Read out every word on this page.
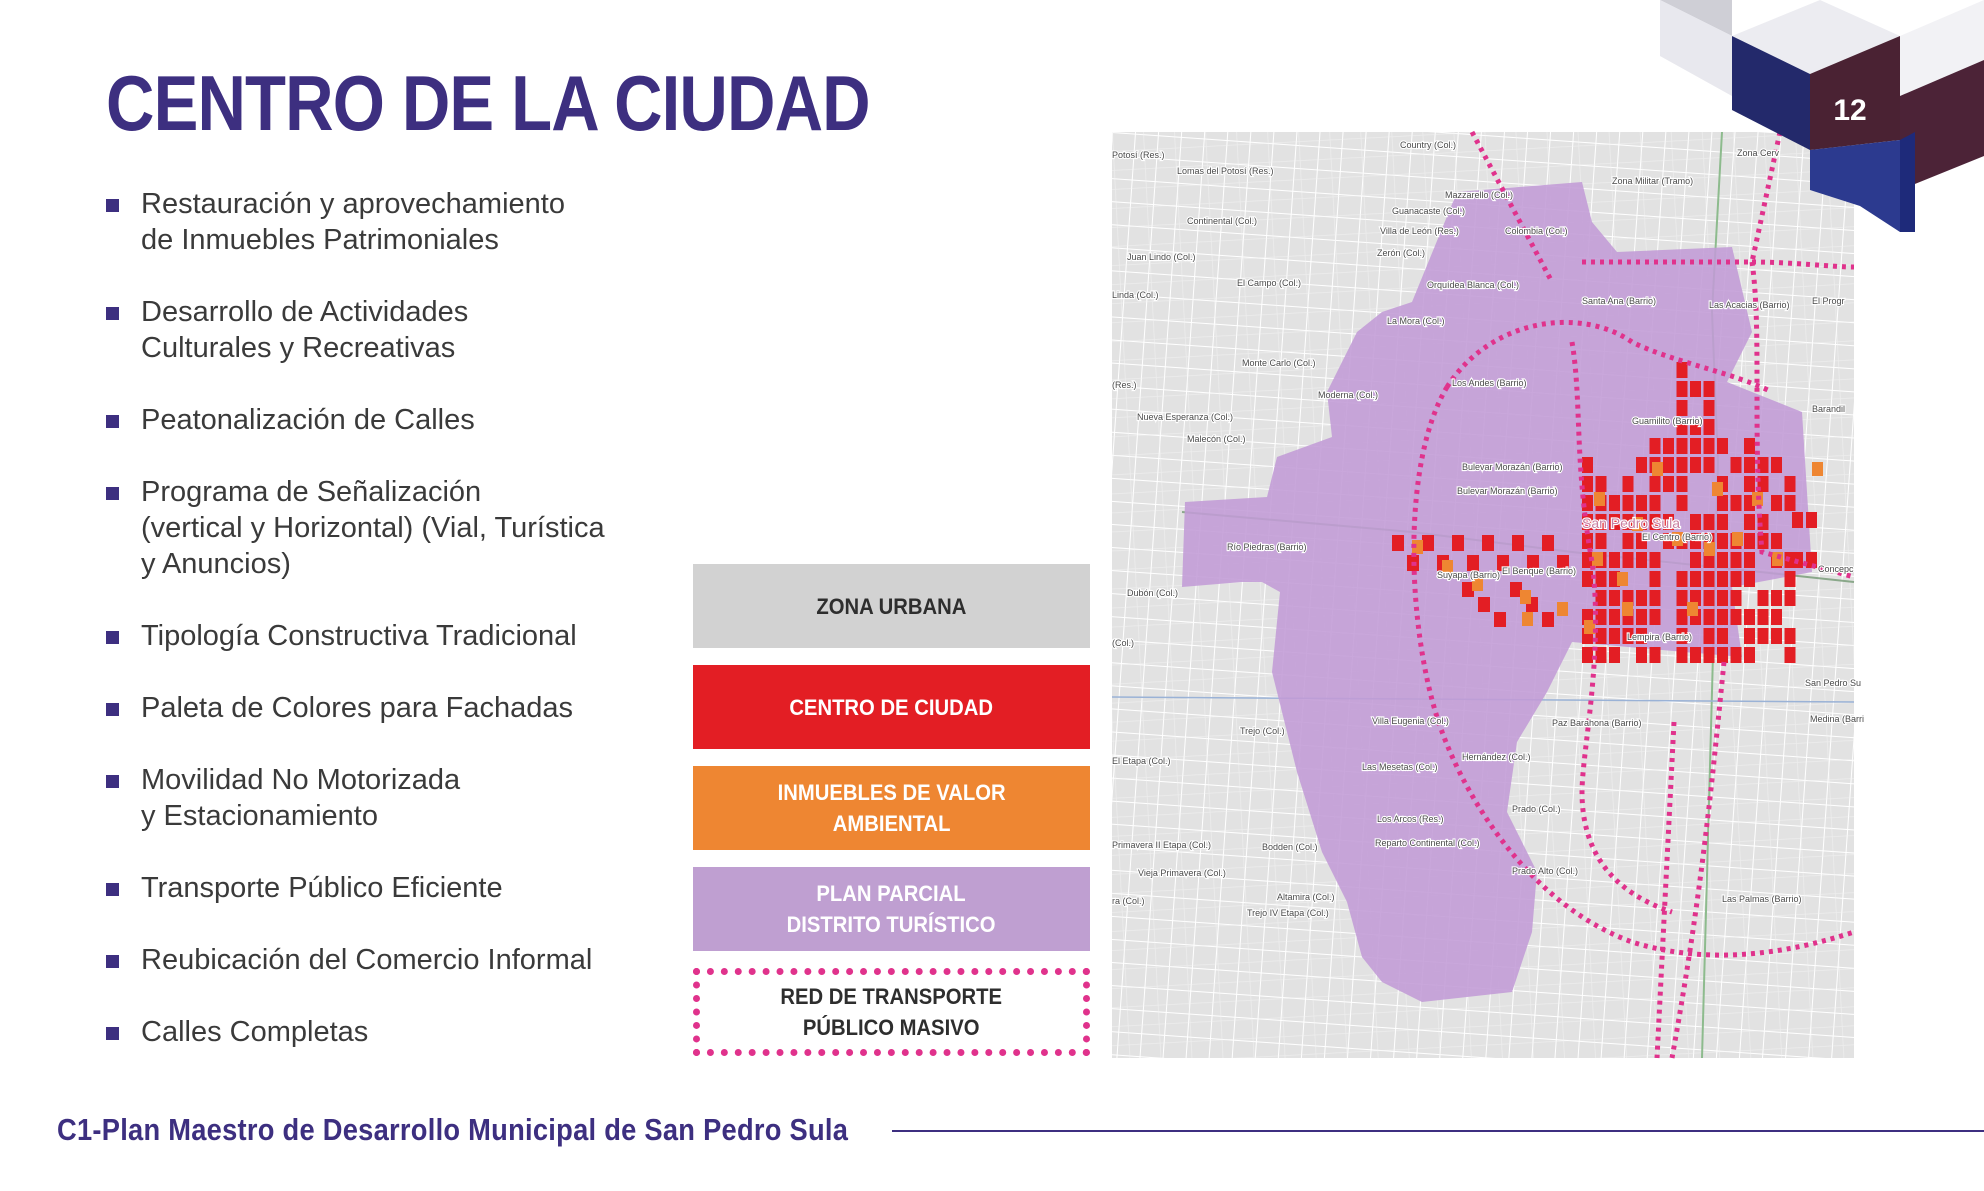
CENTRO DE LA CIUDAD
Restauración y aprovechamiento
de Inmuebles Patrimoniales
Desarrollo de Actividades
Culturales y Recreativas
Peatonalización de Calles
Programa de Señalización
(vertical y Horizontal) (Vial, Turística
y Anuncios)
Tipología Constructiva Tradicional
Paleta de Colores para Fachadas
Movilidad No Motorizada
y Estacionamiento
Transporte Público Eficiente
Reubicación del Comercio Informal
Calles Completas
ZONA URBANA
CENTRO DE CIUDAD
INMUEBLES DE VALOR
AMBIENTAL
PLAN PARCIAL
DISTRITO TURÍSTICO
RED DE TRANSPORTE
PÚBLICO MASIVO
Country (Col.)
Zona Cerv
Potosí (Res.)
Lomas del Potosí (Res.)
Zona Militar (Tramo)
Mazzarello (Col.)
Guanacaste (Col.)
Continental (Col.)
Villa de León (Res.)	Colombia (Col.)
Zerón (Col.)
Juan Lindo (Col.)
El Campo (Col.)	Orquídea Blanca (Col.)
Linda (Col.)
Santa Ana (Barrio)	Las Acacias (Barrio) El Progr
La Mora (Col.)
Monte Carlo (Col.)
(Res.)	Los Andes (Barrio)
Moderna (Col.)
Nueva Esperanza (Col.)	Guamilito (Barrio)
Barandil
Malecón (Col.)
Bulevar Morazán (Barrio)
Bulevar Morazán (Barrio)
San Pedro Sula
El Centro (Barrio)
Río Piedras (Barrio)
Suyapa (Barrio) El Benque (Barrio)	Concepc
Dubón (Col.)
(Col.)
Lempira (Barrio)
San Pedro Su
Trejo (Col.)
Villa Eugenia (Col.)	Paz Barahona (Barrio)	Medina (Barri
El Etapa (Col.)
Las Mesetas (Col.)
Hernández (Col.)
Los Arcos (Res.)
Prado (Col.)
Primavera II Etapa (Col.)	Bodden (Col.)	Reparto Continental (Col.)
Prado Alto (Col.)
Vieja Primavera (Col.)
Altamira (Col.)	Las Palmas (Barrio)
ra (Col.)
Trejo IV Etapa (Col.)
12
C1-Plan Maestro de Desarrollo Municipal de San Pedro Sula
